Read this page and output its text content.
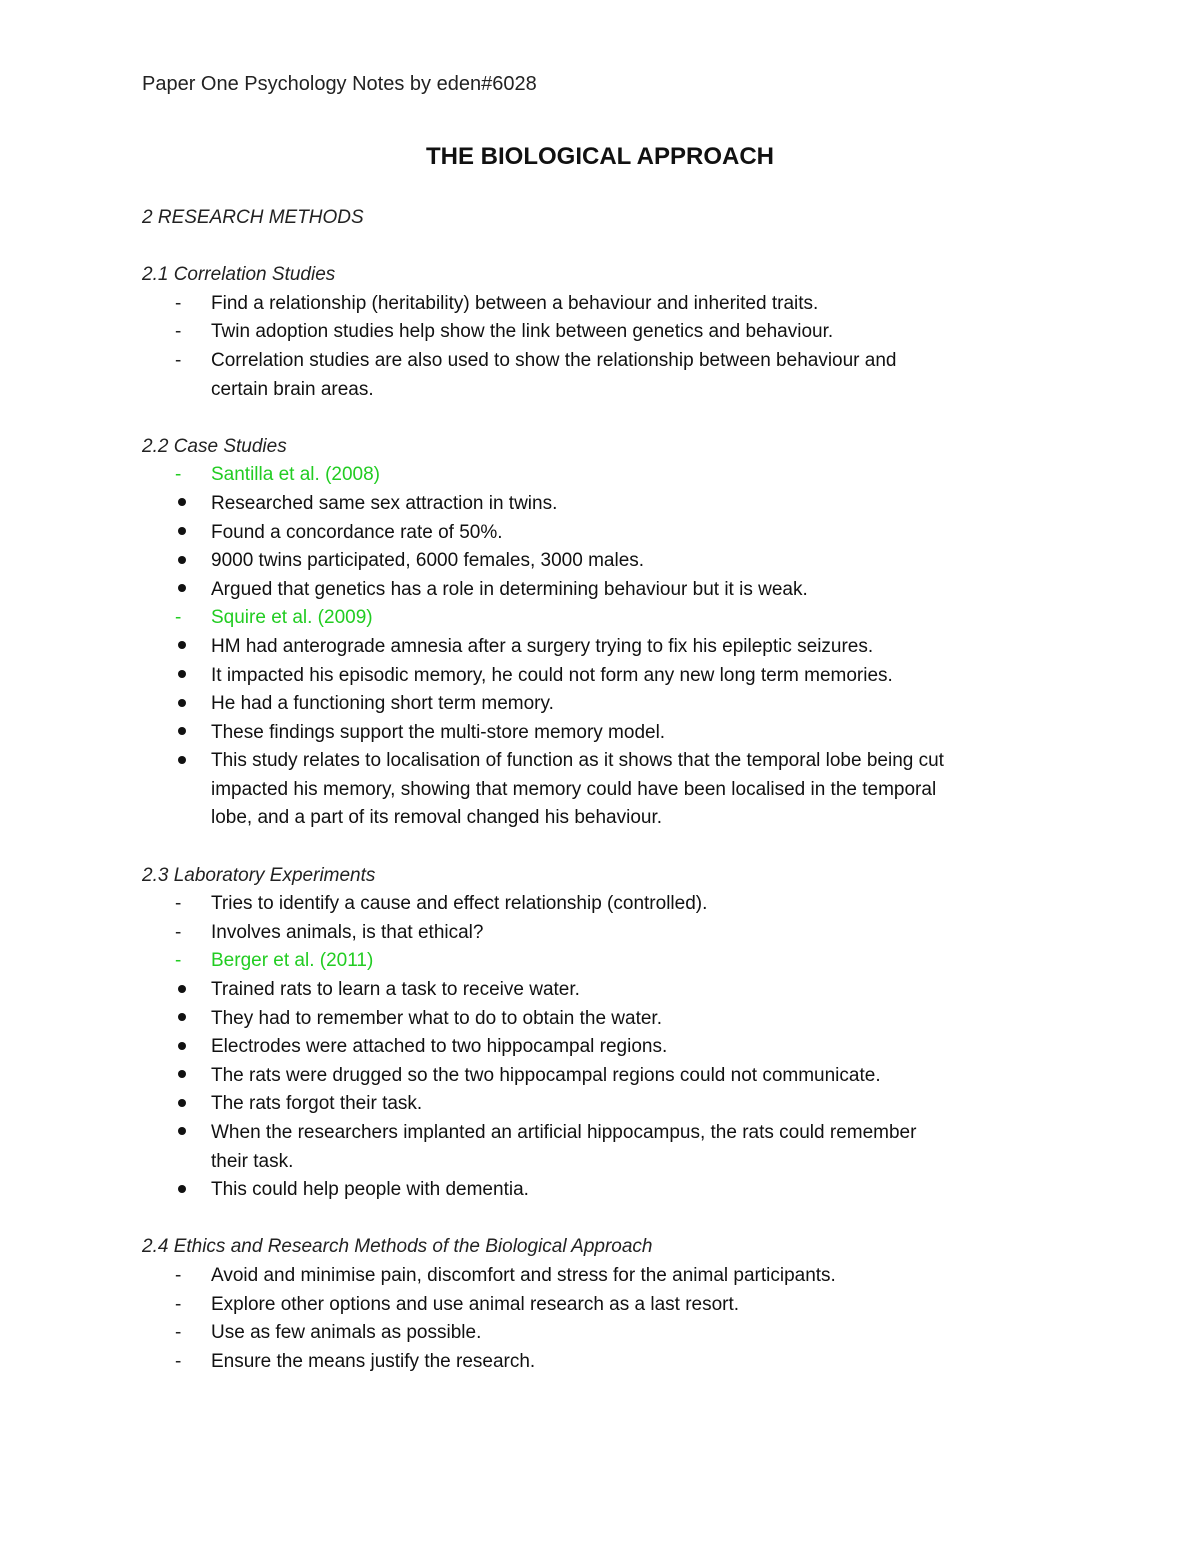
Paper One Psychology Notes by eden#6028
THE BIOLOGICAL APPROACH
2 RESEARCH METHODS
2.1 Correlation Studies
-	Find a relationship (heritability) between a behaviour and inherited traits.
-	Twin adoption studies help show the link between genetics and behaviour.
-	Correlation studies are also used to show the relationship between behaviour and
certain brain areas.
2.2 Case Studies
-	Santilla et al. (2008)
Researched same sex attraction in twins.
Found a concordance rate of 50%.
9000 twins participated, 6000 females, 3000 males.
Argued that genetics has a role in determining behaviour but it is weak.
-	Squire et al. (2009)
HM had anterograde amnesia after a surgery trying to fix his epileptic seizures.
It impacted his episodic memory, he could not form any new long term memories.
He had a functioning short term memory.
These findings support the multi-store memory model.
This study relates to localisation of function as it shows that the temporal lobe being cut
impacted his memory, showing that memory could have been localised in the temporal
lobe, and a part of its removal changed his behaviour.
2.3 Laboratory Experiments
-	Tries to identify a cause and effect relationship (controlled).
-	Involves animals, is that ethical?
-	Berger et al. (2011)
Trained rats to learn a task to receive water.
They had to remember what to do to obtain the water.
Electrodes were attached to two hippocampal regions.
The rats were drugged so the two hippocampal regions could not communicate.
The rats forgot their task.
When the researchers implanted an artificial hippocampus, the rats could remember
their task.
This could help people with dementia.
2.4 Ethics and Research Methods of the Biological Approach
-	Avoid and minimise pain, discomfort and stress for the animal participants.
-	Explore other options and use animal research as a last resort.
-	Use as few animals as possible.
-	Ensure the means justify the research.
